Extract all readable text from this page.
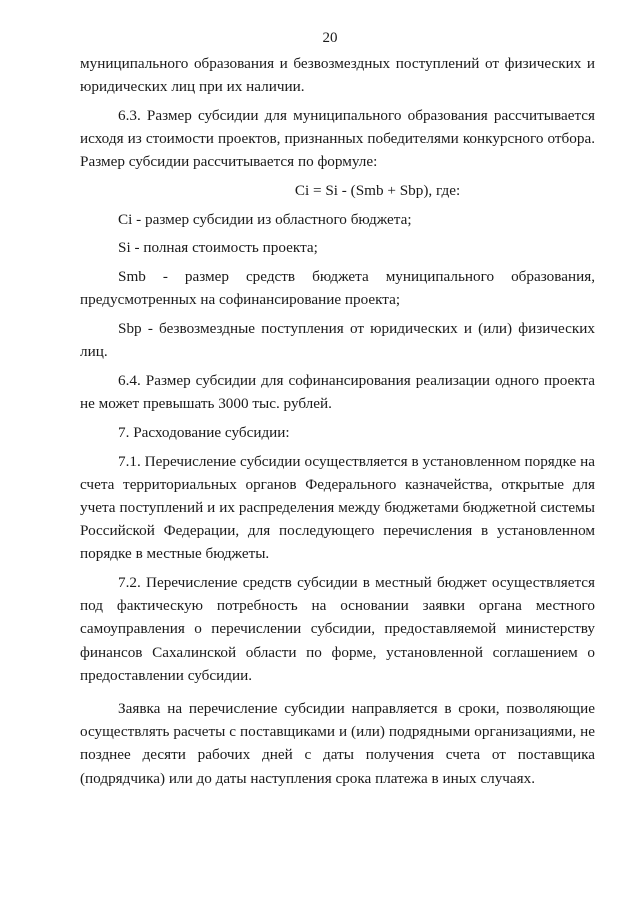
20

муниципального образования и безвозмездных поступлений от физических и юридических лиц при их наличии.

6.3. Размер субсидии для муниципального образования рассчитывается исходя из стоимости проектов, признанных победителями конкурсного отбора. Размер субсидии рассчитывается по формуле:

Ci = Si - (Smb + Sbp), где:

Ci - размер субсидии из областного бюджета;

Si - полная стоимость проекта;

Smb - размер средств бюджета муниципального образования, предусмотренных на софинансирование проекта;

Sbp - безвозмездные поступления от юридических и (или) физических лиц.

6.4. Размер субсидии для софинансирования реализации одного проекта не может превышать 3000 тыс. рублей.

7. Расходование субсидии:

7.1. Перечисление субсидии осуществляется в установленном порядке на счета территориальных органов Федерального казначейства, открытые для учета поступлений и их распределения между бюджетами бюджетной системы Российской Федерации, для последующего перечисления в установленном порядке в местные бюджеты.

7.2. Перечисление средств субсидии в местный бюджет осуществляется под фактическую потребность на основании заявки органа местного самоуправления о перечислении субсидии, предоставляемой министерству финансов Сахалинской области по форме, установленной соглашением о предоставлении субсидии.

Заявка на перечисление субсидии направляется в сроки, позволяющие осуществлять расчеты с поставщиками и (или) подрядными организациями, не позднее десяти рабочих дней с даты получения счета от поставщика (подрядчика) или до даты наступления срока платежа в иных случаях.
